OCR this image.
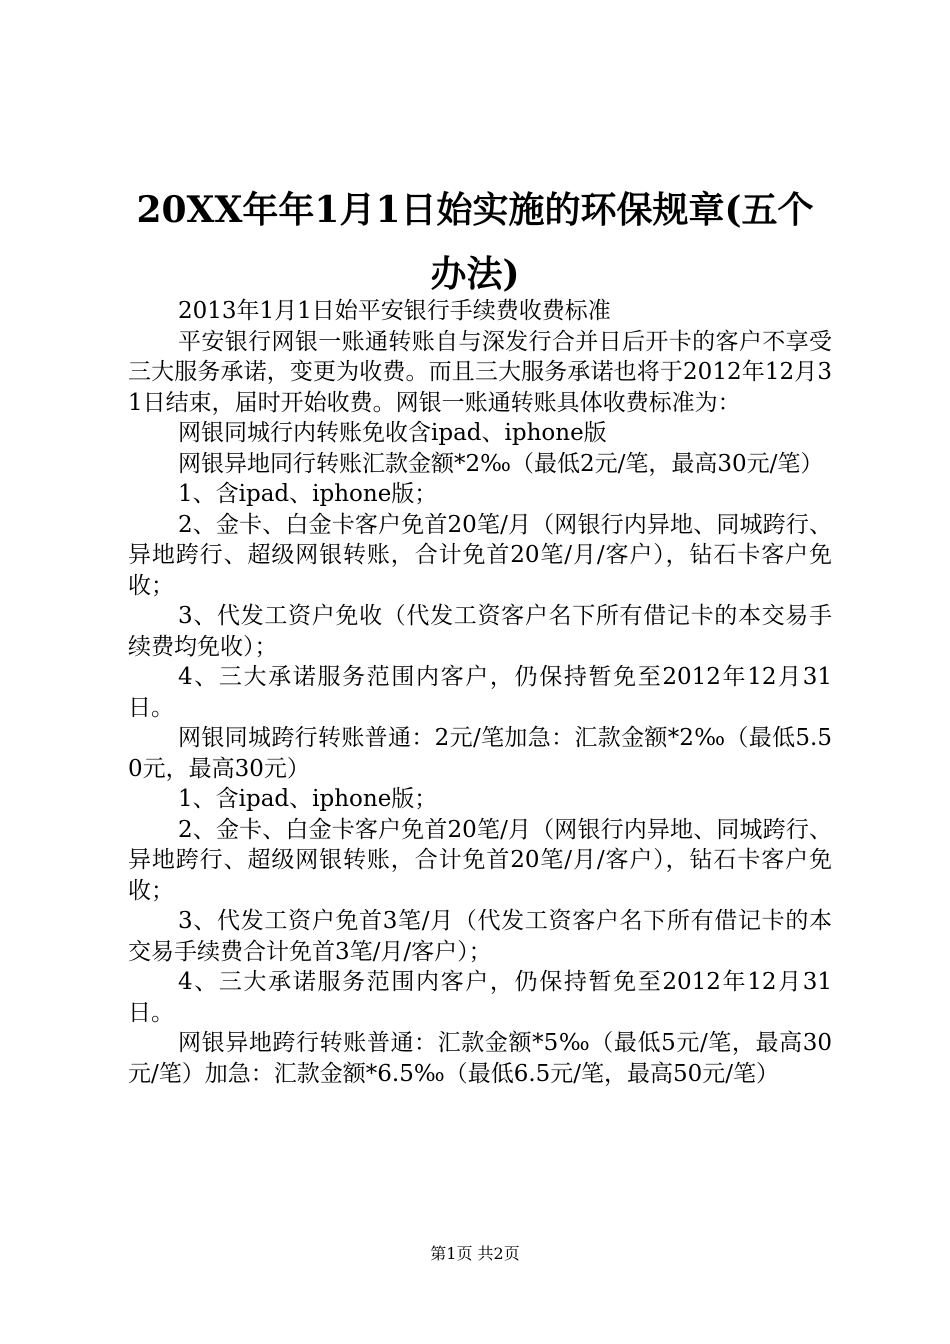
20XX年年1月1日始实施的环保规章(五个办法)

2013年1月1日始平安银行手续费收费标准

平安银行网银一账通转账自与深发行合并日后开卡的客户不享受三大服务承诺，变更为收费。而且三大服务承诺也将于2012年12月31日结束，届时开始收费。网银一账通转账具体收费标准为：

网银同城行内转账免收含ipad、iphone版

网银异地同行转账汇款金额*2‰（最低2元/笔，最高30元/笔）

1、含ipad、iphone版；

2、金卡、白金卡客户免首20笔/月（网银行内异地、同城跨行、异地跨行、超级网银转账，合计免首20笔/月/客户），钻石卡客户免收；

3、代发工资户免收（代发工资客户名下所有借记卡的本交易手续费均免收）；

4、三大承诺服务范围内客户，仍保持暂免至2012年12月31日。

网银同城跨行转账普通：2元/笔加急：汇款金额*2‰（最低5.50元，最高30元）

1、含ipad、iphone版；

2、金卡、白金卡客户免首20笔/月（网银行内异地、同城跨行、异地跨行、超级网银转账，合计免首20笔/月/客户），钻石卡客户免收；

3、代发工资户免首3笔/月（代发工资客户名下所有借记卡的本交易手续费合计免首3笔/月/客户）；

4、三大承诺服务范围内客户，仍保持暂免至2012年12月31日。

网银异地跨行转账普通：汇款金额*5‰（最低5元/笔，最高30元/笔）加急：汇款金额*6.5‰（最低6.5元/笔，最高50元/笔）

第1页 共2页
